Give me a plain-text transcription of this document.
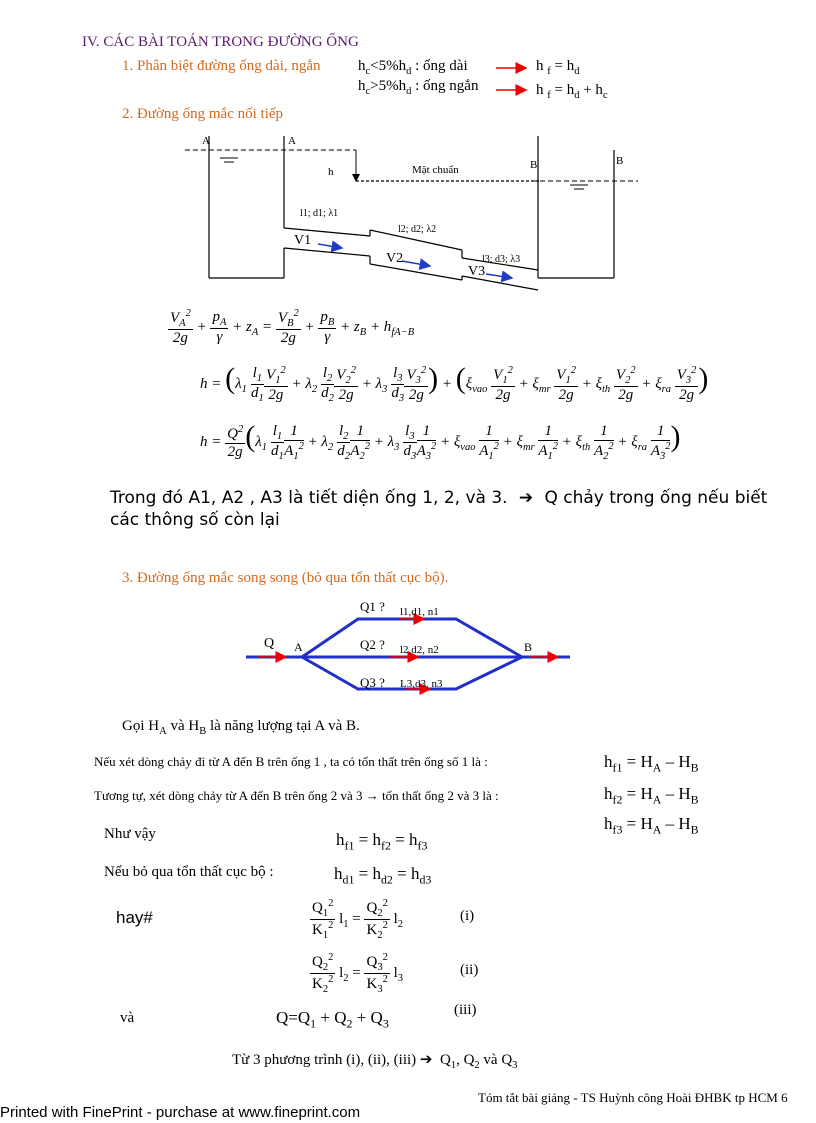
IV. CÁC BÀI TOÁN TRONG ĐƯỜNG ỐNG
1. Phân biệt đường ống dài, ngắn $h_c<5\%h_d$ : ống dài
$h_c>5\%h_d$ : ống ngắn
h $_f = h_d$
h $_f = h_d + h_c$
2. Đường ống mắc nối tiếp
A	A
B	B
h	Mặt chuẩn
l1; d1; λ1
l2; d2; λ2
l3; d3; λ3
V1
V2
V3
$\frac{V_A^2}{2g} + \frac{p_A}{\gamma} + z_A = \frac{V_B^2}{2g} + \frac{p_B}{\gamma} + z_B + h_{fA-B}$
$h = (\lambda_1 \frac{l_1}{d_1} \frac{V_1^2}{2g} + \lambda_2 \frac{l_2}{d_2} \frac{V_2^2}{2g} + \lambda_3 \frac{l_3}{d_3} \frac{V_3^2}{2g}$ ) + ($\xi_{vao} \frac{V_1^2}{2g} + \xi_{mr} \frac{V_1^2}{2g} + \xi_{th} \frac{V_2^2}{2g} + \xi_{ra} \frac{V_3^2}{2g}$ )
$h = \frac{Q^2}{2g} (\lambda_1 \frac{l_1}{d_1} \frac{1}{A_1^2} + \lambda_2 \frac{l_2}{d_2} \frac{1}{A_2^2} + \lambda_3 \frac{l_3}{d_3} \frac{1}{A_3^2} + \xi_{vao} \frac{1}{A_1^2} + \xi_{mr} \frac{1}{A_1^2} + \xi_{th} \frac{1}{A_2^2} + \xi_{ra} \frac{1}{A_3^2}$ )
Trong đó A1, A2 , A3 là tiết diện ống 1, 2, và 3.  ➔  Q chảy trong ống nếu biết
các thông số còn lại
3. Đường ống mắc song song (bỏ qua tổn thất cục bộ).
Q A	B
Q1 ?
Q2 ?
Q3 ?
l1,d1, n1
l2,d2, n2
L3,d3, n3
Gọi $H_A$ và $H_B$ là năng lượng tại A và B.
Nếu xét dòng chảy đi từ A đến B trên ống 1 , ta có tổn thất trên ống số 1 là :
Tương tự, xét dòng chảy từ A đến B trên ống 2 và 3 → tổn thất ống 2 và 3 là :
$h_{f1} = H_A - H_B$
$h_{f2} = H_A - H_B$
$h_{f3} = H_A - H_B$
Như vậy	$h_{f1} = h_{f2} = h_{f3}$
Nếu bỏ qua tổn thất cục bộ :	$h_{d1} = h_{d2} = h_{d3}$
hay#	$\frac{Q_1^2}{K_1^2} l_1 = \frac{Q_2^2}{K_2^2} l_2$
(i)
$\frac{Q_2^2}{K_2^2} l_2 = \frac{Q_3^2}{K_3^2} l_3$
(ii)
và	$Q=Q_1 + Q_2 + Q_3$
(iii)
Từ 3 phương trình (i), (ii), (iii) ➔  $Q_1$, $Q_2$ và $Q_3$
Tóm tắt bài giảng - TS Huỳnh công Hoài ĐHBK tp HCM 6
Printed with FinePrint - purchase at www.fineprint.com
